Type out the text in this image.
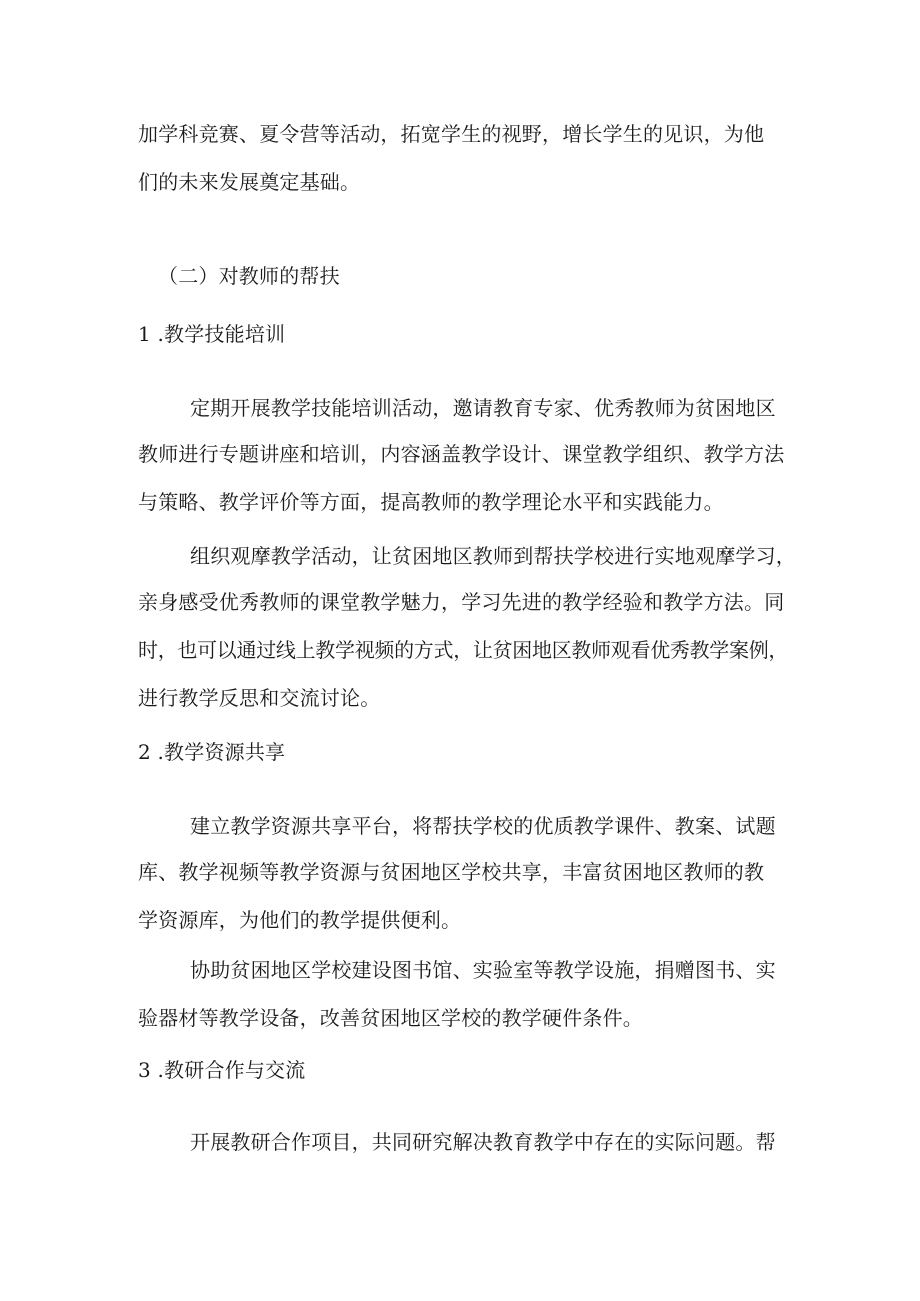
加学科竞赛、夏令营等活动，拓宽学生的视野，增长学生的见识，为他
们的未来发展奠定基础。
（二）对教师的帮扶
1 .教学技能培训
定期开展教学技能培训活动，邀请教育专家、优秀教师为贫困地区
教师进行专题讲座和培训，内容涵盖教学设计、课堂教学组织、教学方法
与策略、教学评价等方面，提高教师的教学理论水平和实践能力。
组织观摩教学活动，让贫困地区教师到帮扶学校进行实地观摩学习，
亲身感受优秀教师的课堂教学魅力，学习先进的教学经验和教学方法。同
时，也可以通过线上教学视频的方式，让贫困地区教师观看优秀教学案例，
进行教学反思和交流讨论。
2 .教学资源共享
建立教学资源共享平台，将帮扶学校的优质教学课件、教案、试题
库、教学视频等教学资源与贫困地区学校共享，丰富贫困地区教师的教
学资源库，为他们的教学提供便利。
协助贫困地区学校建设图书馆、实验室等教学设施，捐赠图书、实
验器材等教学设备，改善贫困地区学校的教学硬件条件。
3 .教研合作与交流
开展教研合作项目，共同研究解决教育教学中存在的实际问题。帮
